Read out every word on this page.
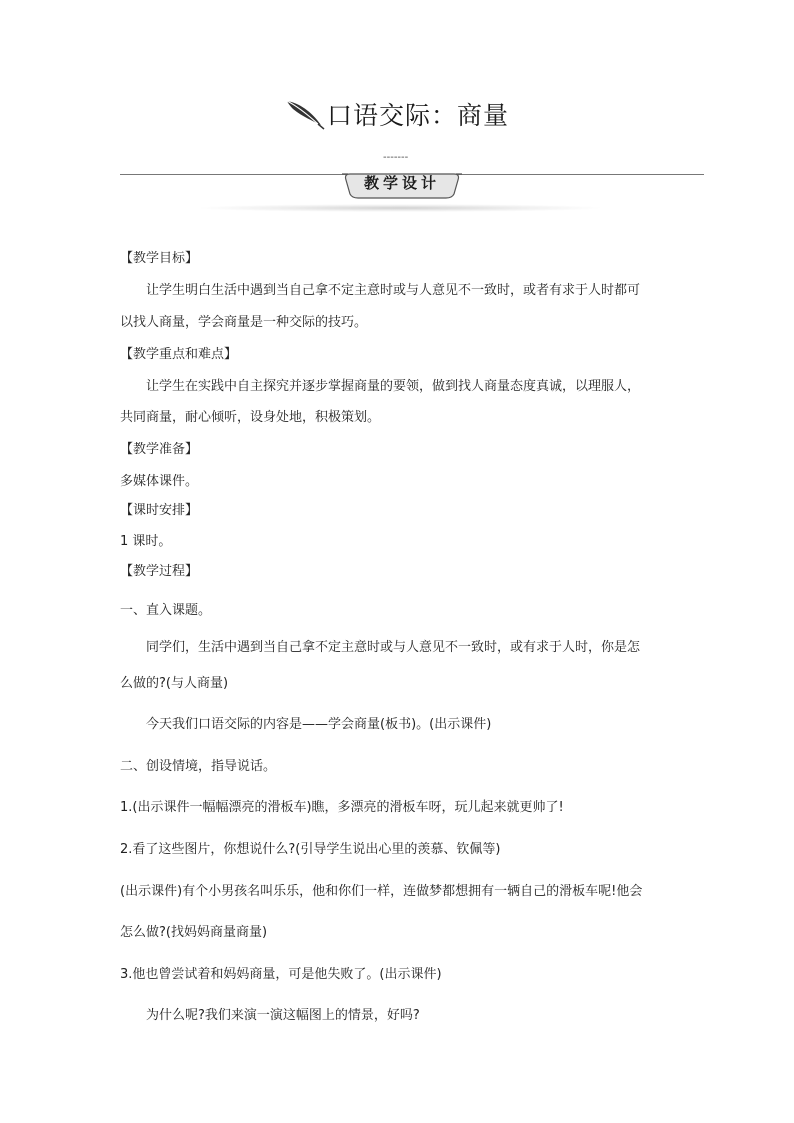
口语交际：商量
-------
教学设计
【教学目标】
让学生明白生活中遇到当自己拿不定主意时或与人意见不一致时，或者有求于人时都可
以找人商量，学会商量是一种交际的技巧。
【教学重点和难点】
让学生在实践中自主探究并逐步掌握商量的要领，做到找人商量态度真诚，以理服人，
共同商量，耐心倾听，设身处地，积极策划。
【教学准备】
多媒体课件。
【课时安排】
1 课时。
【教学过程】
一、直入课题。
同学们，生活中遇到当自己拿不定主意时或与人意见不一致时，或有求于人时，你是怎
么做的?(与人商量)
今天我们口语交际的内容是——学会商量(板书)。(出示课件)
二、创设情境，指导说话。
1.(出示课件一幅幅漂亮的滑板车)瞧，多漂亮的滑板车呀，玩儿起来就更帅了!
2.看了这些图片，你想说什么?(引导学生说出心里的羡慕、钦佩等)
(出示课件)有个小男孩名叫乐乐，他和你们一样，连做梦都想拥有一辆自己的滑板车呢!他会
怎么做?(找妈妈商量商量)
3.他也曾尝试着和妈妈商量，可是他失败了。(出示课件)
为什么呢?我们来演一演这幅图上的情景，好吗?
